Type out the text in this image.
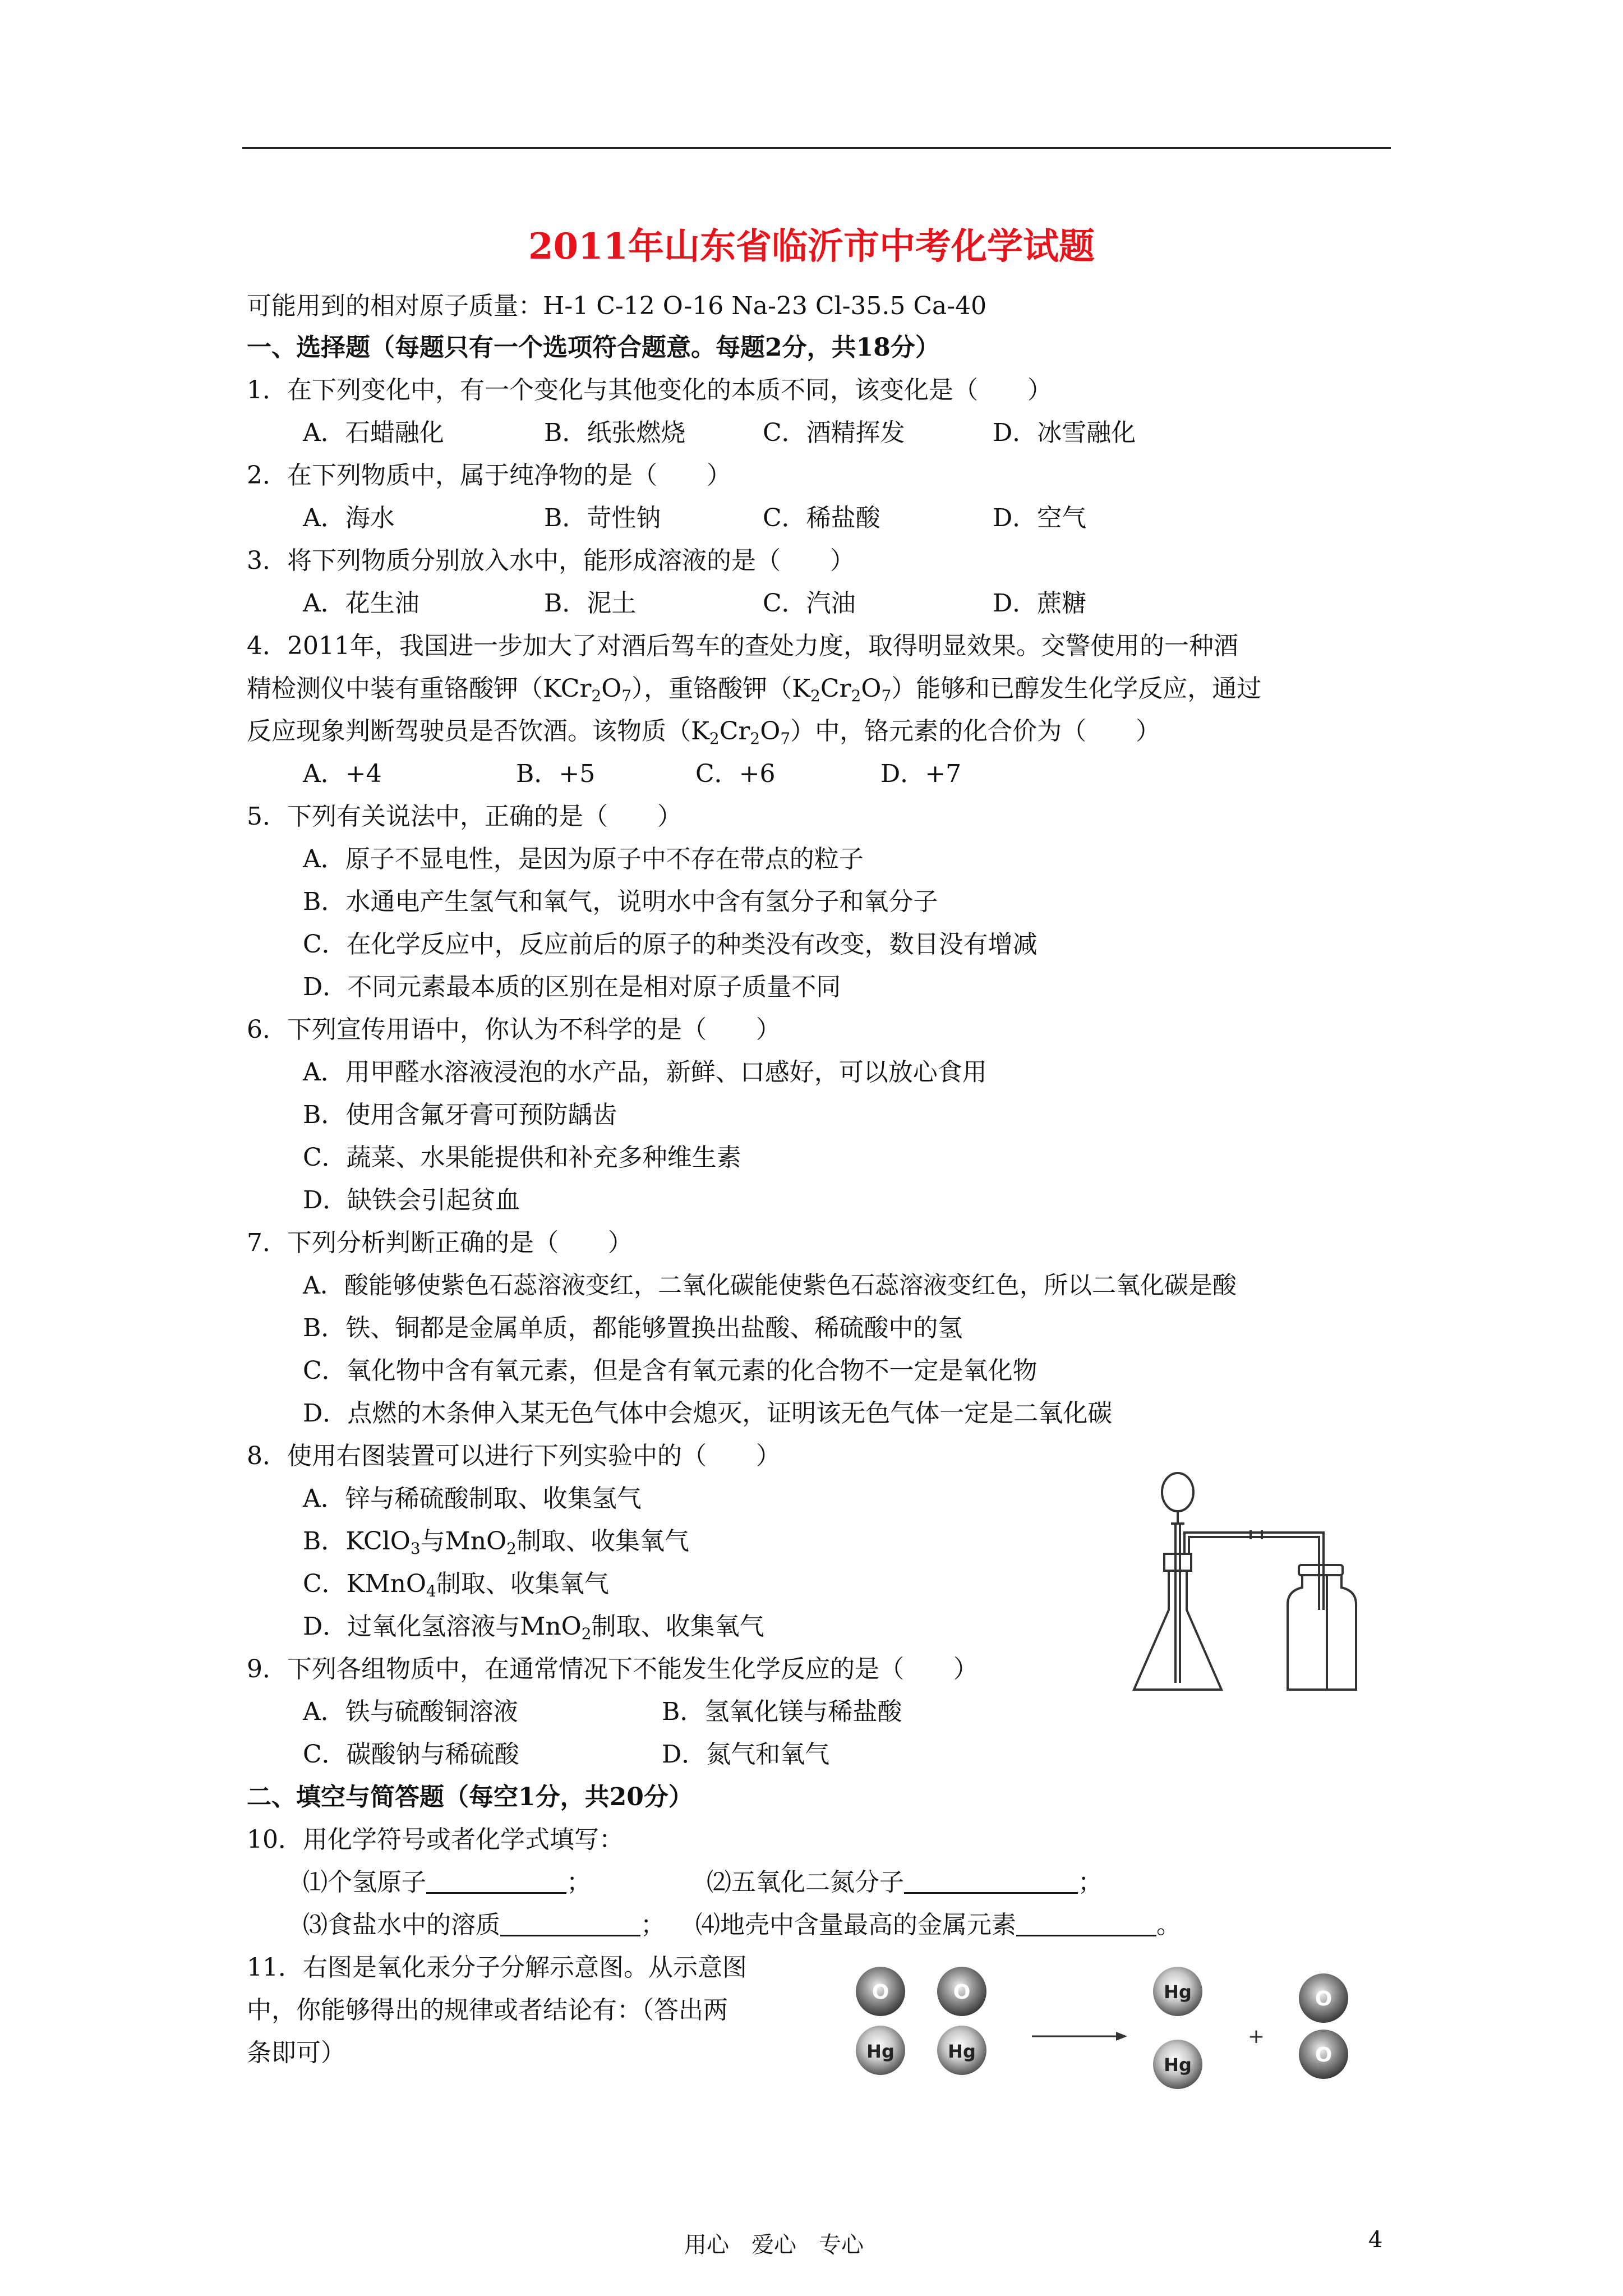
2011年山东省临沂市中考化学试题
可能用到的相对原子质量：H-1 C-12 O-16 Na-23 Cl-35.5 Ca-40
一、选择题（每题只有一个选项符合题意。每题2分，共18分）
1．在下列变化中，有一个变化与其他变化的本质不同，该变化是（　　）
A．石蜡融化	B．纸张燃烧	C．酒精挥发	D．冰雪融化
2．在下列物质中，属于纯净物的是（　　）
A．海水	B．苛性钠	C．稀盐酸	D．空气
3．将下列物质分别放入水中，能形成溶液的是（　　）
A．花生油	B．泥土	C．汽油	D．蔗糖
4．2011年，我国进一步加大了对酒后驾车的查处力度，取得明显效果。交警使用的一种酒
精检测仪中装有重铬酸钾$(KCr_2O_7)$，重铬酸钾$(K_2Cr_2O_7)$能够和已醇发生化学反应，通过
反应现象判断驾驶员是否饮酒。该物质$(K_2Cr_2O_7)$中，铬元素的化合价为（　　）
A．+4	B．+5	C．+6	D．+7
5．下列有关说法中，正确的是（　　）
A．原子不显电性，是因为原子中不存在带点的粒子
B．水通电产生氢气和氧气，说明水中含有氢分子和氧分子
C．在化学反应中，反应前后的原子的种类没有改变，数目没有增减
D．不同元素最本质的区别在是相对原子质量不同
6．下列宣传用语中，你认为不科学的是（　　）
A．用甲醛水溶液浸泡的水产品，新鲜、口感好，可以放心食用
B．使用含氟牙膏可预防龋齿
C．蔬菜、水果能提供和补充多种维生素
D．缺铁会引起贫血
7．下列分析判断正确的是（　　）
A．酸能够使紫色石蕊溶液变红，二氧化碳能使紫色石蕊溶液变红色，所以二氧化碳是酸
B．铁、铜都是金属单质，都能够置换出盐酸、稀硫酸中的氢
C．氧化物中含有氧元素，但是含有氧元素的化合物不一定是氧化物
D．点燃的木条伸入某无色气体中会熄灭，证明该无色气体一定是二氧化碳
8．使用右图装置可以进行下列实验中的（　　）
A．锌与稀硫酸制取、收集氢气
B．KClO$_3$与MnO$_2$制取、收集氧气
C．KMnO$_4$制取、收集氧气
D．过氧化氢溶液与MnO$_2$制取、收集氧气
9．下列各组物质中，在通常情况下不能发生化学反应的是（　　）
A．铁与硫酸铜溶液	B．氢氧化镁与稀盐酸
C．碳酸钠与稀硫酸	D．氮气和氧气
二、填空与简答题（每空1分，共20分）
10．用化学符号或者化学式填写：
⑴个氢原子	；	⑵五氧化二氮分子	；
⑶食盐水中的溶质	； ⑷地壳中含量最高的金属元素	。
11．右图是氧化汞分子分解示意图。从示意图
中，你能够得出的规律或者结论有：（答出两
条即可）
O
Hg
O
Hg
Hg
Hg
+
O
O
用心　爱心　专心	4
